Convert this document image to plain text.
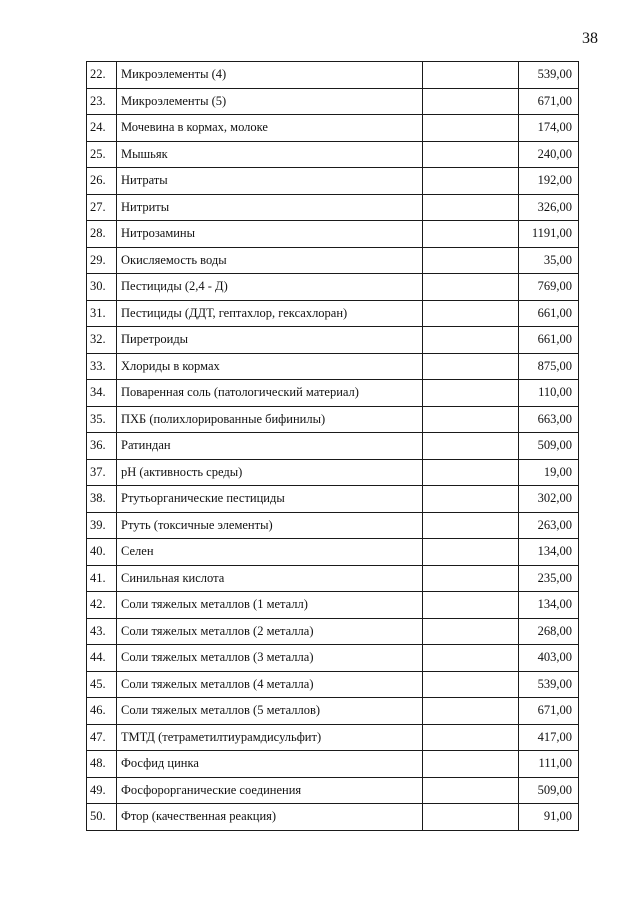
38
22.	Микроэлементы (4)		539,00
23.	Микроэлементы (5)		671,00
24.	Мочевина в кормах, молоке		174,00
25.	Мышьяк		240,00
26.	Нитраты		192,00
27.	Нитриты		326,00
28.	Нитрозамины		1191,00
29.	Окисляемость воды		35,00
30.	Пестициды (2,4 - Д)		769,00
31.	Пестициды (ДДТ, гептахлор, гексахлоран)		661,00
32.	Пиретроиды		661,00
33.	Хлориды в кормах		875,00
34.	Поваренная соль (патологический материал)		110,00
35.	ПХБ (полихлорированные бифинилы)		663,00
36.	Ратиндан		509,00
37.	pH (активность среды)		19,00
38.	Ртутьорганические пестициды		302,00
39.	Ртуть (токсичные элементы)		263,00
40.	Селен		134,00
41.	Синильная кислота		235,00
42.	Соли тяжелых металлов (1 металл)		134,00
43.	Соли тяжелых металлов (2 металла)		268,00
44.	Соли тяжелых металлов (3 металла)		403,00
45.	Соли тяжелых металлов (4 металла)		539,00
46.	Соли тяжелых металлов (5 металлов)		671,00
47.	ТМТД (тетраметилтиурамдисульфит)		417,00
48.	Фосфид цинка		111,00
49.	Фосфорорганические соединения		509,00
50.	Фтор (качественная реакция)		91,00
